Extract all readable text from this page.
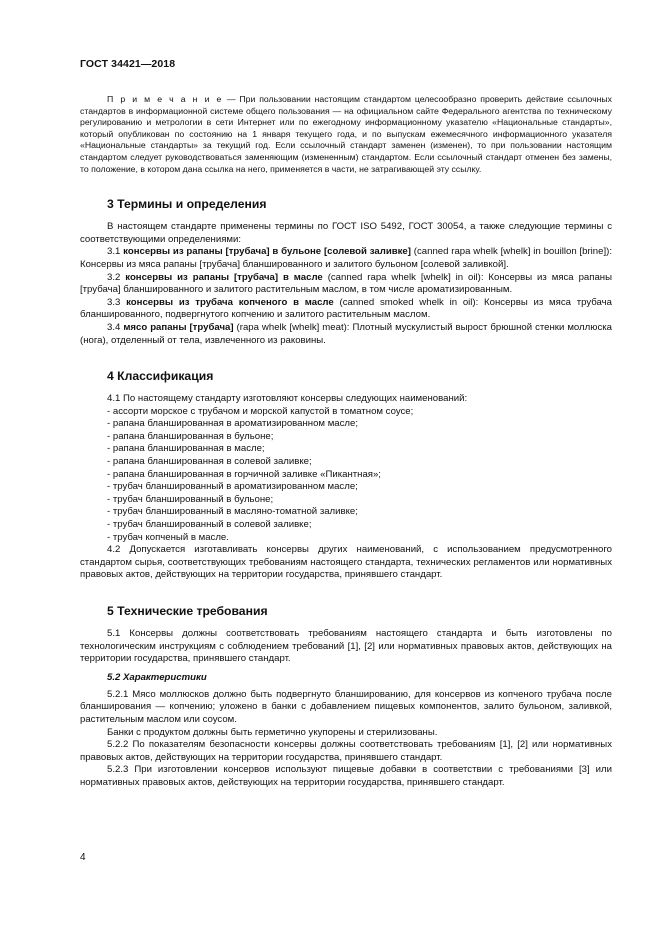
ГОСТ 34421—2018

П р и м е ч а н и е — При пользовании настоящим стандартом целесообразно проверить действие ссылочных стандартов в информационной системе общего пользования — на официальном сайте Федерального агентства по техническому регулированию и метрологии в сети Интернет или по ежегодному информационному указателю «Национальные стандарты», который опубликован по состоянию на 1 января текущего года, и по выпускам ежемесячного информационного указателя «Национальные стандарты» за текущий год. Если ссылочный стандарт заменен (изменен), то при пользовании настоящим стандартом следует руководствоваться заменяющим (измененным) стандартом. Если ссылочный стандарт отменен без замены, то положение, в котором дана ссылка на него, применяется в части, не затрагивающей эту ссылку.

3 Термины и определения

В настоящем стандарте применены термины по ГОСТ ISO 5492, ГОСТ 30054, а также следующие термины с соответствующими определениями:

3.1 консервы из рапаны [трубача] в бульоне [солевой заливке] (canned rapa whelk [whelk] in bouillon [brine]): Консервы из мяса рапаны [трубача] бланшированного и залитого бульоном [солевой заливкой].

3.2 консервы из рапаны [трубача] в масле (canned rapa whelk [whelk] in oil): Консервы из мяса рапаны [трубача] бланшированного и залитого растительным маслом, в том числе ароматизированным.

3.3 консервы из трубача копченого в масле (canned smoked whelk in oil): Консервы из мяса трубача бланшированного, подвергнутого копчению и залитого растительным маслом.

3.4 мясо рапаны [трубача] (rapa whelk [whelk] meat): Плотный мускулистый вырост брюшной стенки моллюска (нога), отделенный от тела, извлеченного из раковины.

4 Классификация

4.1 По настоящему стандарту изготовляют консервы следующих наименований:

- ассорти морское с трубачом и морской капустой в томатном соусе;

- рапана бланшированная в ароматизированном масле;

- рапана бланшированная в бульоне;

- рапана бланшированная в масле;

- рапана бланшированная в солевой заливке;

- рапана бланшированная в горчичной заливке «Пикантная»;

- трубач бланшированный в ароматизированном масле;

- трубач бланшированный в бульоне;

- трубач бланшированный в масляно-томатной заливке;

- трубач бланшированный в солевой заливке;

- трубач копченый в масле.

4.2 Допускается изготавливать консервы других наименований, с использованием предусмотренного стандартом сырья, соответствующих требованиям настоящего стандарта, технических регламентов или нормативных правовых актов, действующих на территории государства, принявшего стандарт.

5 Технические требования

5.1 Консервы должны соответствовать требованиям настоящего стандарта и быть изготовлены по технологическим инструкциям с соблюдением требований [1], [2] или нормативных правовых актов, действующих на территории государства, принявшего стандарт.

5.2 Характеристики

5.2.1 Мясо моллюсков должно быть подвергнуто бланшированию, для консервов из копченого трубача после бланширования — копчению; уложено в банки с добавлением пищевых компонентов, залито бульоном, заливкой, растительным маслом или соусом.

Банки с продуктом должны быть герметично укупорены и стерилизованы.

5.2.2 По показателям безопасности консервы должны соответствовать требованиям [1], [2] или нормативных правовых актов, действующих на территории государства, принявшего стандарт.

5.2.3 При изготовлении консервов используют пищевые добавки в соответствии с требованиями [3] или нормативных правовых актов, действующих на территории государства, принявшего стандарт.

4
